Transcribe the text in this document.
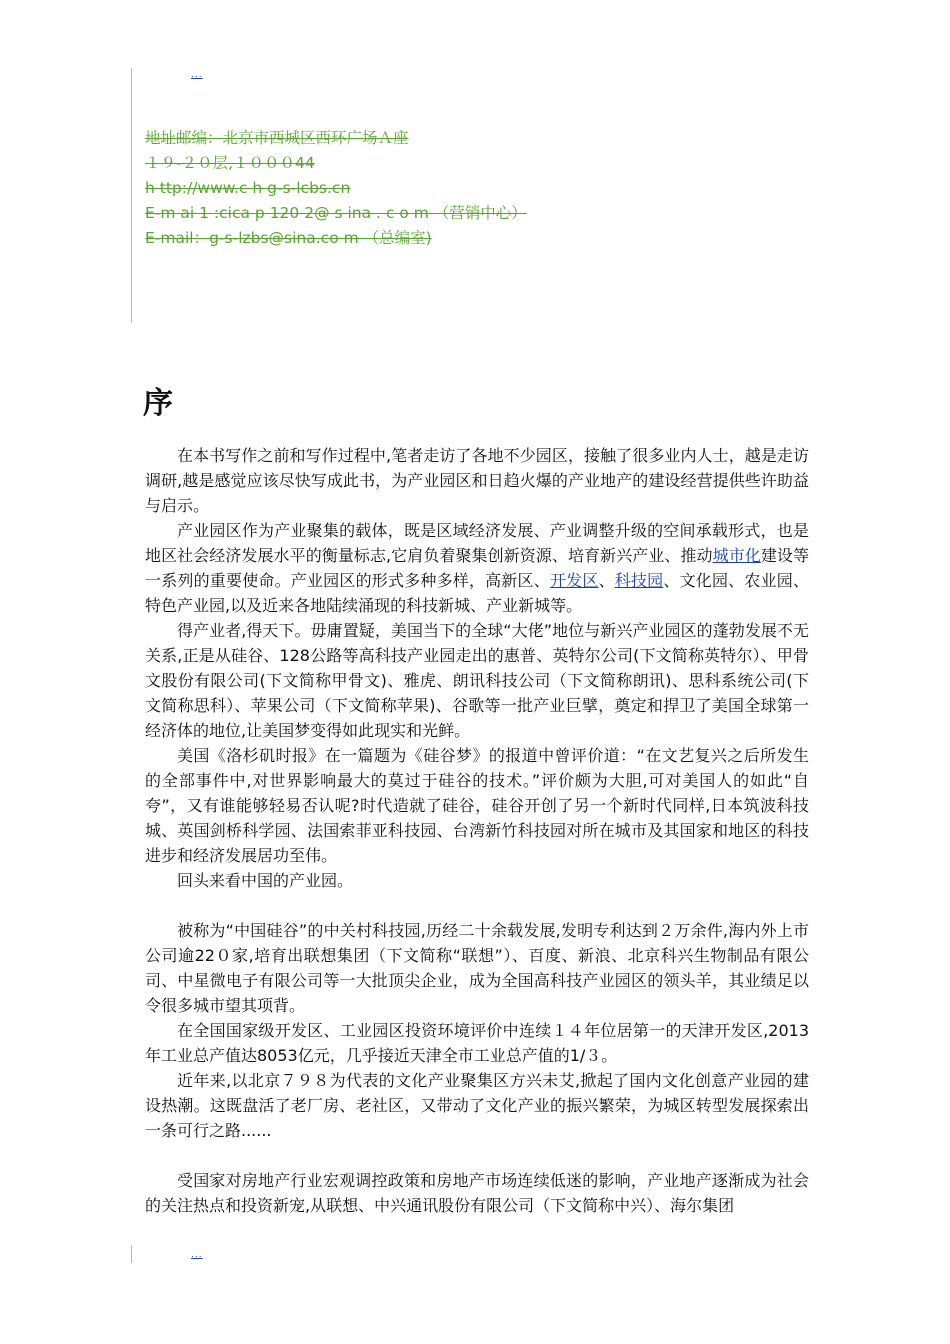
...
地址邮编：北京市西城区西环广场Ａ座
１９-２０层,１０００44
h ttp://www.c h g-s-lcbs.cn
E-m ai 1 :cica p 120 2@ s ina . c o m （营销中心）
E-mail：g-s-lzbs@sina.co m （总编室)
序

在本书写作之前和写作过程中,笔者走访了各地不少园区，接触了很多业内人士，越是走访调研,越是感觉应该尽快写成此书，为产业园区和日趋火爆的产业地产的建设经营提供些许助益与启示。

产业园区作为产业聚集的载体，既是区域经济发展、产业调整升级的空间承载形式，也是地区社会经济发展水平的衡量标志,它肩负着聚集创新资源、培育新兴产业、推动城市化建设等一系列的重要使命。产业园区的形式多种多样，高新区、开发区、科技园、文化园、农业园、特色产业园,以及近来各地陆续涌现的科技新城、产业新城等。

得产业者,得天下。毋庸置疑，美国当下的全球“大佬”地位与新兴产业园区的蓬勃发展不无关系,正是从硅谷、128公路等高科技产业园走出的惠普、英特尔公司(下文简称英特尔）、甲骨文股份有限公司(下文简称甲骨文)、雅虎、朗讯科技公司（下文简称朗讯)、思科系统公司(下文简称思科）、苹果公司（下文简称苹果)、谷歌等一批产业巨擘，奠定和捍卫了美国全球第一经济体的地位,让美国梦变得如此现实和光鲜。

美国《洛杉矶时报》在一篇题为《硅谷梦》的报道中曾评价道：“在文艺复兴之后所发生的全部事件中,对世界影响最大的莫过于硅谷的技术。”评价颇为大胆,可对美国人的如此“自夸”，又有谁能够轻易否认呢?时代造就了硅谷，硅谷开创了另一个新时代同样,日本筑波科技城、英国剑桥科学园、法国索菲亚科技园、台湾新竹科技园对所在城市及其国家和地区的科技进步和经济发展居功至伟。

回头来看中国的产业园。

被称为“中国硅谷”的中关村科技园,历经二十余载发展,发明专利达到２万余件,海内外上市公司逾22０家,培育出联想集团（下文简称“联想”）、百度、新浪、北京科兴生物制品有限公司、中星微电子有限公司等一大批顶尖企业，成为全国高科技产业园区的领头羊，其业绩足以令很多城市望其项背。

在全国国家级开发区、工业园区投资环境评价中连续１４年位居第一的天津开发区,2013年工业总产值达8053亿元，几乎接近天津全市工业总产值的1/３。

近年来,以北京７９８为代表的文化产业聚集区方兴未艾,掀起了国内文化创意产业园的建设热潮。这既盘活了老厂房、老社区，又带动了文化产业的振兴繁荣，为城区转型发展探索出一条可行之路......

受国家对房地产行业宏观调控政策和房地产市场连续低迷的影响，产业地产逐渐成为社会的关注热点和投资新宠,从联想、中兴通讯股份有限公司（下文简称中兴）、海尔集团

...
